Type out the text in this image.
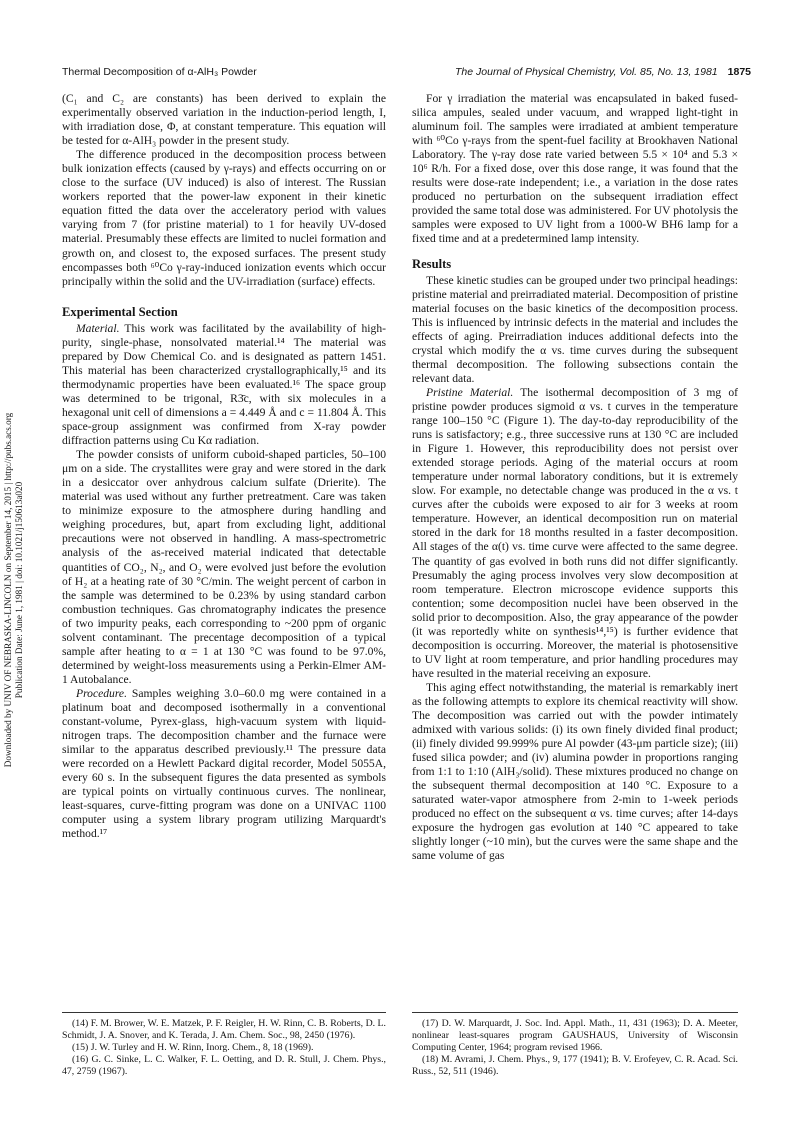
Downloaded by UNIV OF NEBRASKA-LINCOLN on September 14, 2015 | http://pubs.acs.org Publication Date: June 1, 1981 | doi: 10.1021/j150613a020
Thermal Decomposition of α-AlH₃ Powder	The Journal of Physical Chemistry, Vol. 85, No. 13, 1981 1875

(C₁ and C₂ are constants) has been derived to explain the experimentally observed variation in the induction-period length, I, with irradiation dose, Φ, at constant temperature. This equation will be tested for α-AlH₃ powder in the present study.

The difference produced in the decomposition process between bulk ionization effects (caused by γ-rays) and effects occurring on or close to the surface (UV induced) is also of interest. The Russian workers reported that the power-law exponent in their kinetic equation fitted the data over the acceleratory period with values varying from 7 (for pristine material) to 1 for heavily UV-dosed material. Presumably these effects are limited to nuclei formation and growth on, and closest to, the exposed surfaces. The present study encompasses both ⁶⁰Co γ-ray-induced ionization events which occur principally within the solid and the UV-irradiation (surface) effects.

Experimental Section

Material. This work was facilitated by the availability of high-purity, single-phase, nonsolvated material.¹⁴ The material was prepared by Dow Chemical Co. and is designated as pattern 1451. This material has been characterized crystallographically,¹⁵ and its thermodynamic properties have been evaluated.¹⁶ The space group was determined to be trigonal, R3̄c, with six molecules in a hexagonal unit cell of dimensions a = 4.449 Å and c = 11.804 Å. This space-group assignment was confirmed from X-ray powder diffraction patterns using Cu Kα radiation.

The powder consists of uniform cuboid-shaped particles, 50–100 μm on a side. The crystallites were gray and were stored in the dark in a desiccator over anhydrous calcium sulfate (Drierite). The material was used without any further pretreatment. Care was taken to minimize exposure to the atmosphere during handling and weighing procedures, but, apart from excluding light, additional precautions were not observed in handling. A mass-spectrometric analysis of the as-received material indicated that detectable quantities of CO₂, N₂, and O₂ were evolved just before the evolution of H₂ at a heating rate of 30 °C/min. The weight percent of carbon in the sample was determined to be 0.23% by using standard carbon combustion techniques. Gas chromatography indicates the presence of two impurity peaks, each corresponding to ~200 ppm of organic solvent contaminant. The precentage decomposition of a typical sample after heating to α = 1 at 130 °C was found to be 97.0%, determined by weight-loss measurements using a Perkin-Elmer AM-1 Autobalance.

Procedure. Samples weighing 3.0–60.0 mg were contained in a platinum boat and decomposed isothermally in a conventional constant-volume, Pyrex-glass, high-vacuum system with liquid-nitrogen traps. The decomposition chamber and the furnace were similar to the apparatus described previously.¹¹ The pressure data were recorded on a Hewlett Packard digital recorder, Model 5055A, every 60 s. In the subsequent figures the data presented as symbols are typical points on virtually continuous curves. The nonlinear, least-squares, curve-fitting program was done on a UNIVAC 1100 computer using a system library program utilizing Marquardt's method.¹⁷

For γ irradiation the material was encapsulated in baked fused-silica ampules, sealed under vacuum, and wrapped light-tight in aluminum foil. The samples were irradiated at ambient temperature with ⁶⁰Co γ-rays from the spent-fuel facility at Brookhaven National Laboratory. The γ-ray dose rate varied between 5.5 × 10⁴ and 5.3 × 10⁶ R/h. For a fixed dose, over this dose range, it was found that the results were dose-rate independent; i.e., a variation in the dose rates produced no perturbation on the subsequent irradiation effect provided the same total dose was administered. For UV photolysis the samples were exposed to UV light from a 1000-W BH6 lamp for a fixed time and at a predetermined lamp intensity.

Results

These kinetic studies can be grouped under two principal headings: pristine material and preirradiated material. Decomposition of pristine material focuses on the basic kinetics of the decomposition process. This is influenced by intrinsic defects in the material and includes the effects of aging. Preirradiation induces additional defects into the crystal which modify the α vs. time curves during the subsequent thermal decomposition. The following subsections contain the relevant data.

Pristine Material. The isothermal decomposition of 3 mg of pristine powder produces sigmoid α vs. t curves in the temperature range 100–150 °C (Figure 1). The day-to-day reproducibility of the runs is satisfactory; e.g., three successive runs at 130 °C are included in Figure 1. However, this reproducibility does not persist over extended storage periods. Aging of the material occurs at room temperature under normal laboratory conditions, but it is extremely slow. For example, no detectable change was produced in the α vs. t curves after the cuboids were exposed to air for 3 weeks at room temperature. However, an identical decomposition run on material stored in the dark for 18 months resulted in a faster decomposition. All stages of the α(t) vs. time curve were affected to the same degree. The quantity of gas evolved in both runs did not differ significantly. Presumably the aging process involves very slow decomposition at room temperature. Electron microscope evidence supports this contention; some decomposition nuclei have been observed in the solid prior to decomposition. Also, the gray appearance of the powder (it was reportedly white on synthesis¹⁴,¹⁵) is further evidence that decomposition is occurring. Moreover, the material is photosensitive to UV light at room temperature, and prior handling procedures may have resulted in the material receiving an exposure.

This aging effect notwithstanding, the material is remarkably inert as the following attempts to explore its chemical reactivity will show. The decomposition was carried out with the powder intimately admixed with various solids: (i) its own finely divided final product; (ii) finely divided 99.999% pure Al powder (43-μm particle size); (iii) fused silica powder; and (iv) alumina powder in proportions ranging from 1:1 to 1:10 (AlH₃/solid). These mixtures produced no change on the subsequent thermal decomposition at 140 °C. Exposure to a saturated water-vapor atmosphere from 2-min to 1-week periods produced no effect on the subsequent α vs. time curves; after 14-days exposure the hydrogen gas evolution at 140 °C appeared to take slightly longer (~10 min), but the curves were the same shape and the same volume of gas

(14) F. M. Brower, W. E. Matzek, P. F. Reigler, H. W. Rinn, C. B. Roberts, D. L. Schmidt, J. A. Snover, and K. Terada, J. Am. Chem. Soc., 98, 2450 (1976).

(15) J. W. Turley and H. W. Rinn, Inorg. Chem., 8, 18 (1969).

(16) G. C. Sinke, L. C. Walker, F. L. Oetting, and D. R. Stull, J. Chem. Phys., 47, 2759 (1967).

(17) D. W. Marquardt, J. Soc. Ind. Appl. Math., 11, 431 (1963); D. A. Meeter, nonlinear least-squares program GAUSHAUS, University of Wisconsin Computing Center, 1964; program revised 1966.

(18) M. Avrami, J. Chem. Phys., 9, 177 (1941); B. V. Erofeyev, C. R. Acad. Sci. Russ., 52, 511 (1946).
